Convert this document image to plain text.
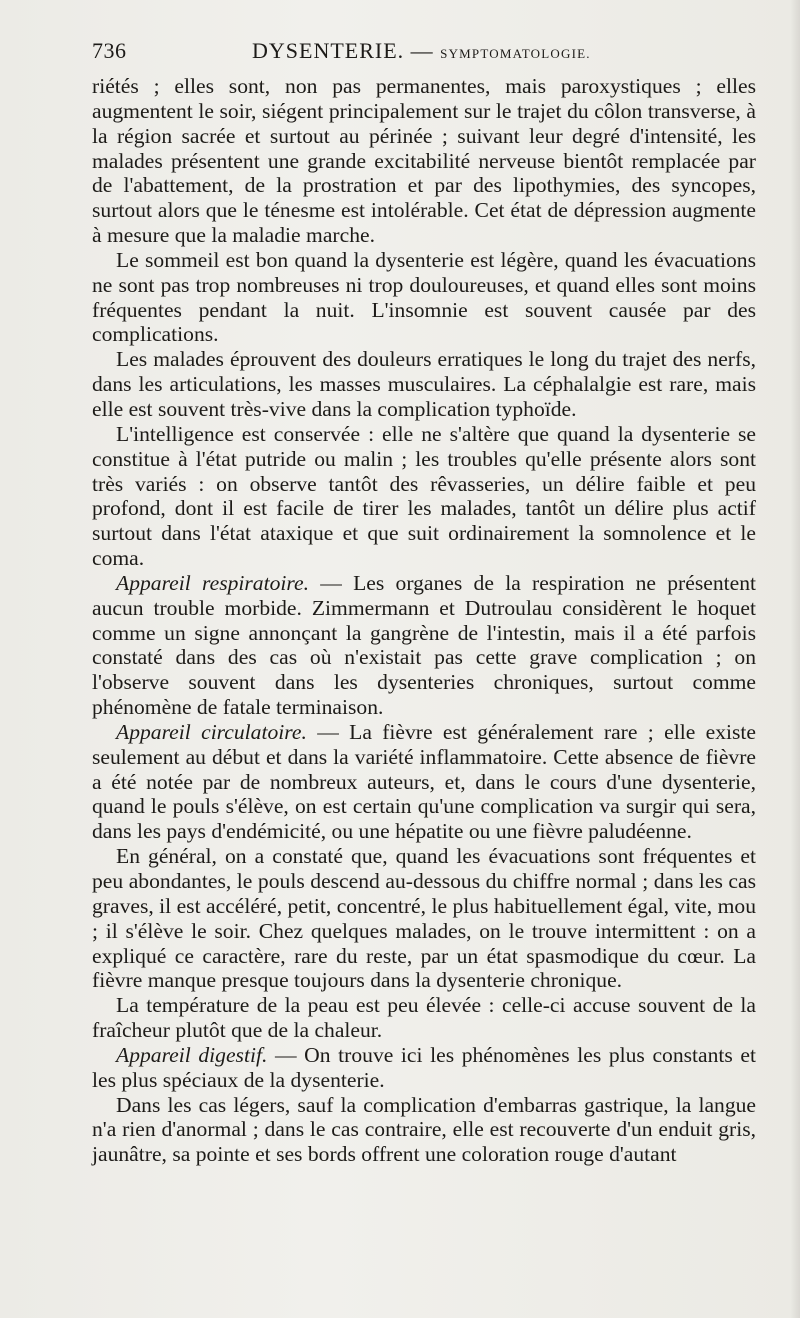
736	DYSENTERIE. — SYMPTOMATOLOGIE.

riétés ; elles sont, non pas permanentes, mais paroxystiques ; elles augmentent le soir, siégent principalement sur le trajet du côlon transverse, à la région sacrée et surtout au périnée ; suivant leur degré d'intensité, les malades présentent une grande excitabilité nerveuse bientôt remplacée par de l'abattement, de la prostration et par des lipothymies, des syncopes, surtout alors que le ténesme est intolérable. Cet état de dépression augmente à mesure que la maladie marche.

Le sommeil est bon quand la dysenterie est légère, quand les évacuations ne sont pas trop nombreuses ni trop douloureuses, et quand elles sont moins fréquentes pendant la nuit. L'insomnie est souvent causée par des complications.

Les malades éprouvent des douleurs erratiques le long du trajet des nerfs, dans les articulations, les masses musculaires. La céphalalgie est rare, mais elle est souvent très-vive dans la complication typhoïde.

L'intelligence est conservée : elle ne s'altère que quand la dysenterie se constitue à l'état putride ou malin ; les troubles qu'elle présente alors sont très variés : on observe tantôt des rêvasseries, un délire faible et peu profond, dont il est facile de tirer les malades, tantôt un délire plus actif surtout dans l'état ataxique et que suit ordinairement la somnolence et le coma.

Appareil respiratoire. — Les organes de la respiration ne présentent aucun trouble morbide. Zimmermann et Dutroulau considèrent le hoquet comme un signe annonçant la gangrène de l'intestin, mais il a été parfois constaté dans des cas où n'existait pas cette grave complication ; on l'observe souvent dans les dysenteries chroniques, surtout comme phénomène de fatale terminaison.

Appareil circulatoire. — La fièvre est généralement rare ; elle existe seulement au début et dans la variété inflammatoire. Cette absence de fièvre a été notée par de nombreux auteurs, et, dans le cours d'une dysenterie, quand le pouls s'élève, on est certain qu'une complication va surgir qui sera, dans les pays d'endémicité, ou une hépatite ou une fièvre paludéenne.

En général, on a constaté que, quand les évacuations sont fréquentes et peu abondantes, le pouls descend au-dessous du chiffre normal ; dans les cas graves, il est accéléré, petit, concentré, le plus habituellement égal, vite, mou ; il s'élève le soir. Chez quelques malades, on le trouve intermittent : on a expliqué ce caractère, rare du reste, par un état spasmodique du cœur. La fièvre manque presque toujours dans la dysenterie chronique.

La température de la peau est peu élevée : celle-ci accuse souvent de la fraîcheur plutôt que de la chaleur.

Appareil digestif. — On trouve ici les phénomènes les plus constants et les plus spéciaux de la dysenterie.

Dans les cas légers, sauf la complication d'embarras gastrique, la langue n'a rien d'anormal ; dans le cas contraire, elle est recouverte d'un enduit gris, jaunâtre, sa pointe et ses bords offrent une coloration rouge d'autant
